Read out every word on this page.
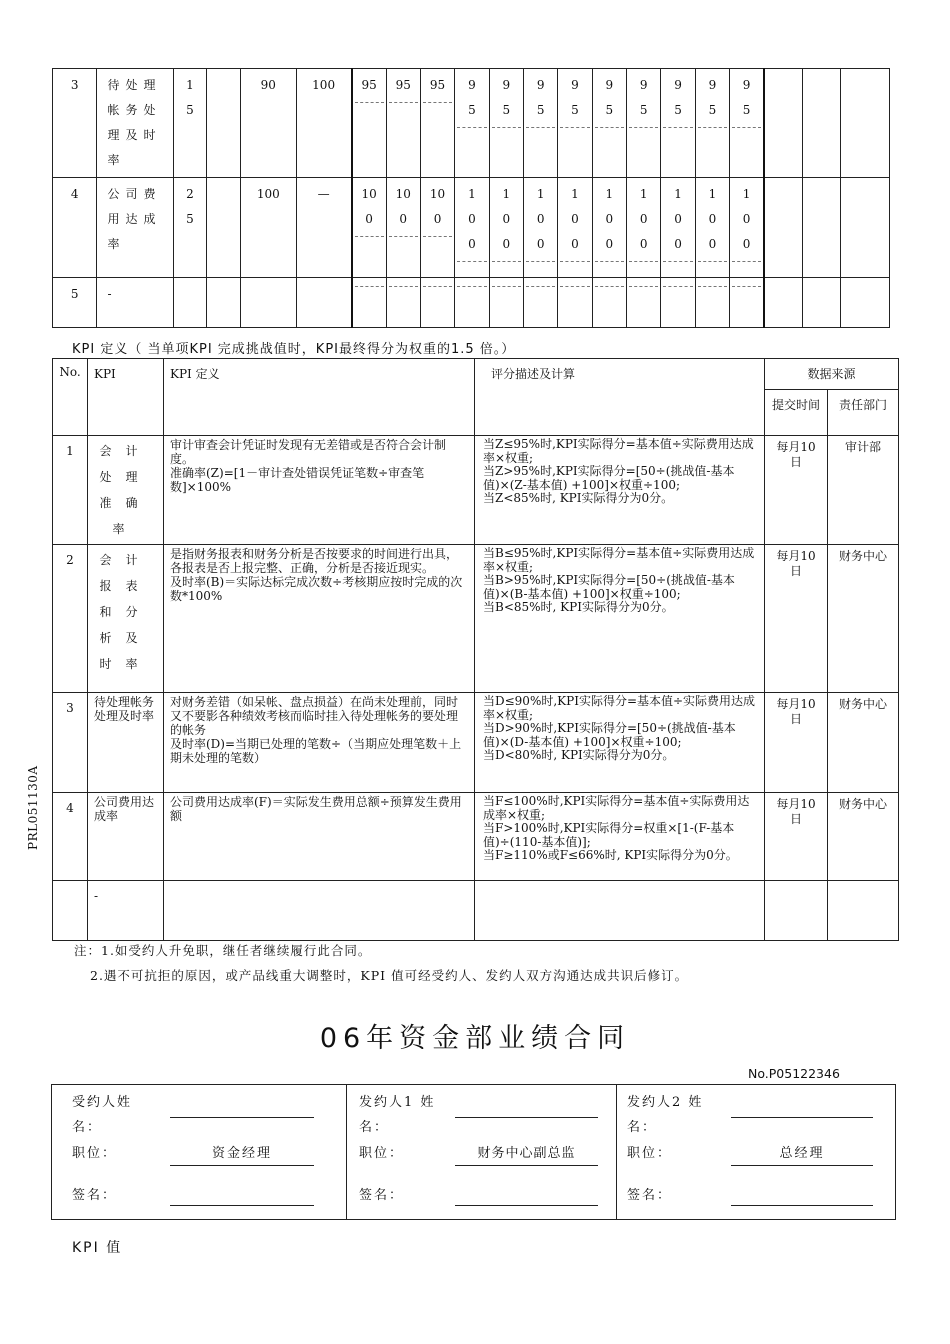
3	待处理帐务处理及时率	15		90	100	95	95	95	95	95	95	95	95	95	95	95	95			

4	公司费用达成率	25		100	—	100	100	100	100	100	100	100	100	100	100	100	100			

5	-																			

KPI 定义（ 当单项KPI 完成挑战值时，KPI最终得分为权重的1.5 倍。）
No.	KPI	KPI 定义	评分描述及计算	数据来源	
				提交时间	责任部门
1	会计处理准确率	审计审查会计凭证时发现有无差错或是否符合会计制度。
准确率(Z)=[1－审计查处错误凭证笔数÷审查笔数]×100%	当Z≤95%时,KPI实际得分=基本值÷实际费用达成率×权重;
当Z>95%时,KPI实际得分=[50÷(挑战值-基本值)×(Z-基本值) +100]×权重÷100;
当Z<85%时, KPI实际得分为0分。	每月10日	审计部
2	会计报表和分析及时率	是指财务报表和财务分析是否按要求的时间进行出具，各报表是否上报完整、正确，分析是否接近现实。
及时率(B)＝实际达标完成次数÷考核期应按时完成的次数*100%	当B≤95%时,KPI实际得分=基本值÷实际费用达成率×权重;
当B>95%时,KPI实际得分=[50÷(挑战值-基本值)×(B-基本值) +100]×权重÷100;
当B<85%时, KPI实际得分为0分。	每月10日	财务中心
3	待处理帐务处理及时率	对财务差错（如呆帐、盘点损益）在尚未处理前，同时又不要影各种绩效考核而临时挂入待处理帐务的要处理的帐务
及时率(D)=当期已处理的笔数÷（当期应处理笔数＋上期未处理的笔数）	当D≤90%时,KPI实际得分=基本值÷实际费用达成率×权重;
当D>90%时,KPI实际得分=[50÷(挑战值-基本值)×(D-基本值) +100]×权重÷100;
当D<80%时, KPI实际得分为0分。	每月10日	财务中心
4	公司费用达成率	公司费用达成率(F)＝实际发生费用总额÷预算发生费用额	当F≤100%时,KPI实际得分=基本值÷实际费用达成率×权重;
当F>100%时,KPI实际得分=权重×[1-(F-基本值)÷(110-基本值)];
当F≥110%或F≤66%时, KPI实际得分为0分。	每月10日	财务中心
	-				
PRL051130A
注：1.如受约人升免职，继任者继续履行此合同。
2.遇不可抗拒的原因，或产品线重大调整时，KPI 值可经受约人、发约人双方沟通达成共识后修订。
06年资金部业绩合同
No.P05122346
受约人姓
名：
职位：	资金经理
签名：
发约人1 姓
名：
职位：	财务中心副总监
签名：
发约人2 姓
名：
职位：	总经理
签名：
KPI 值
